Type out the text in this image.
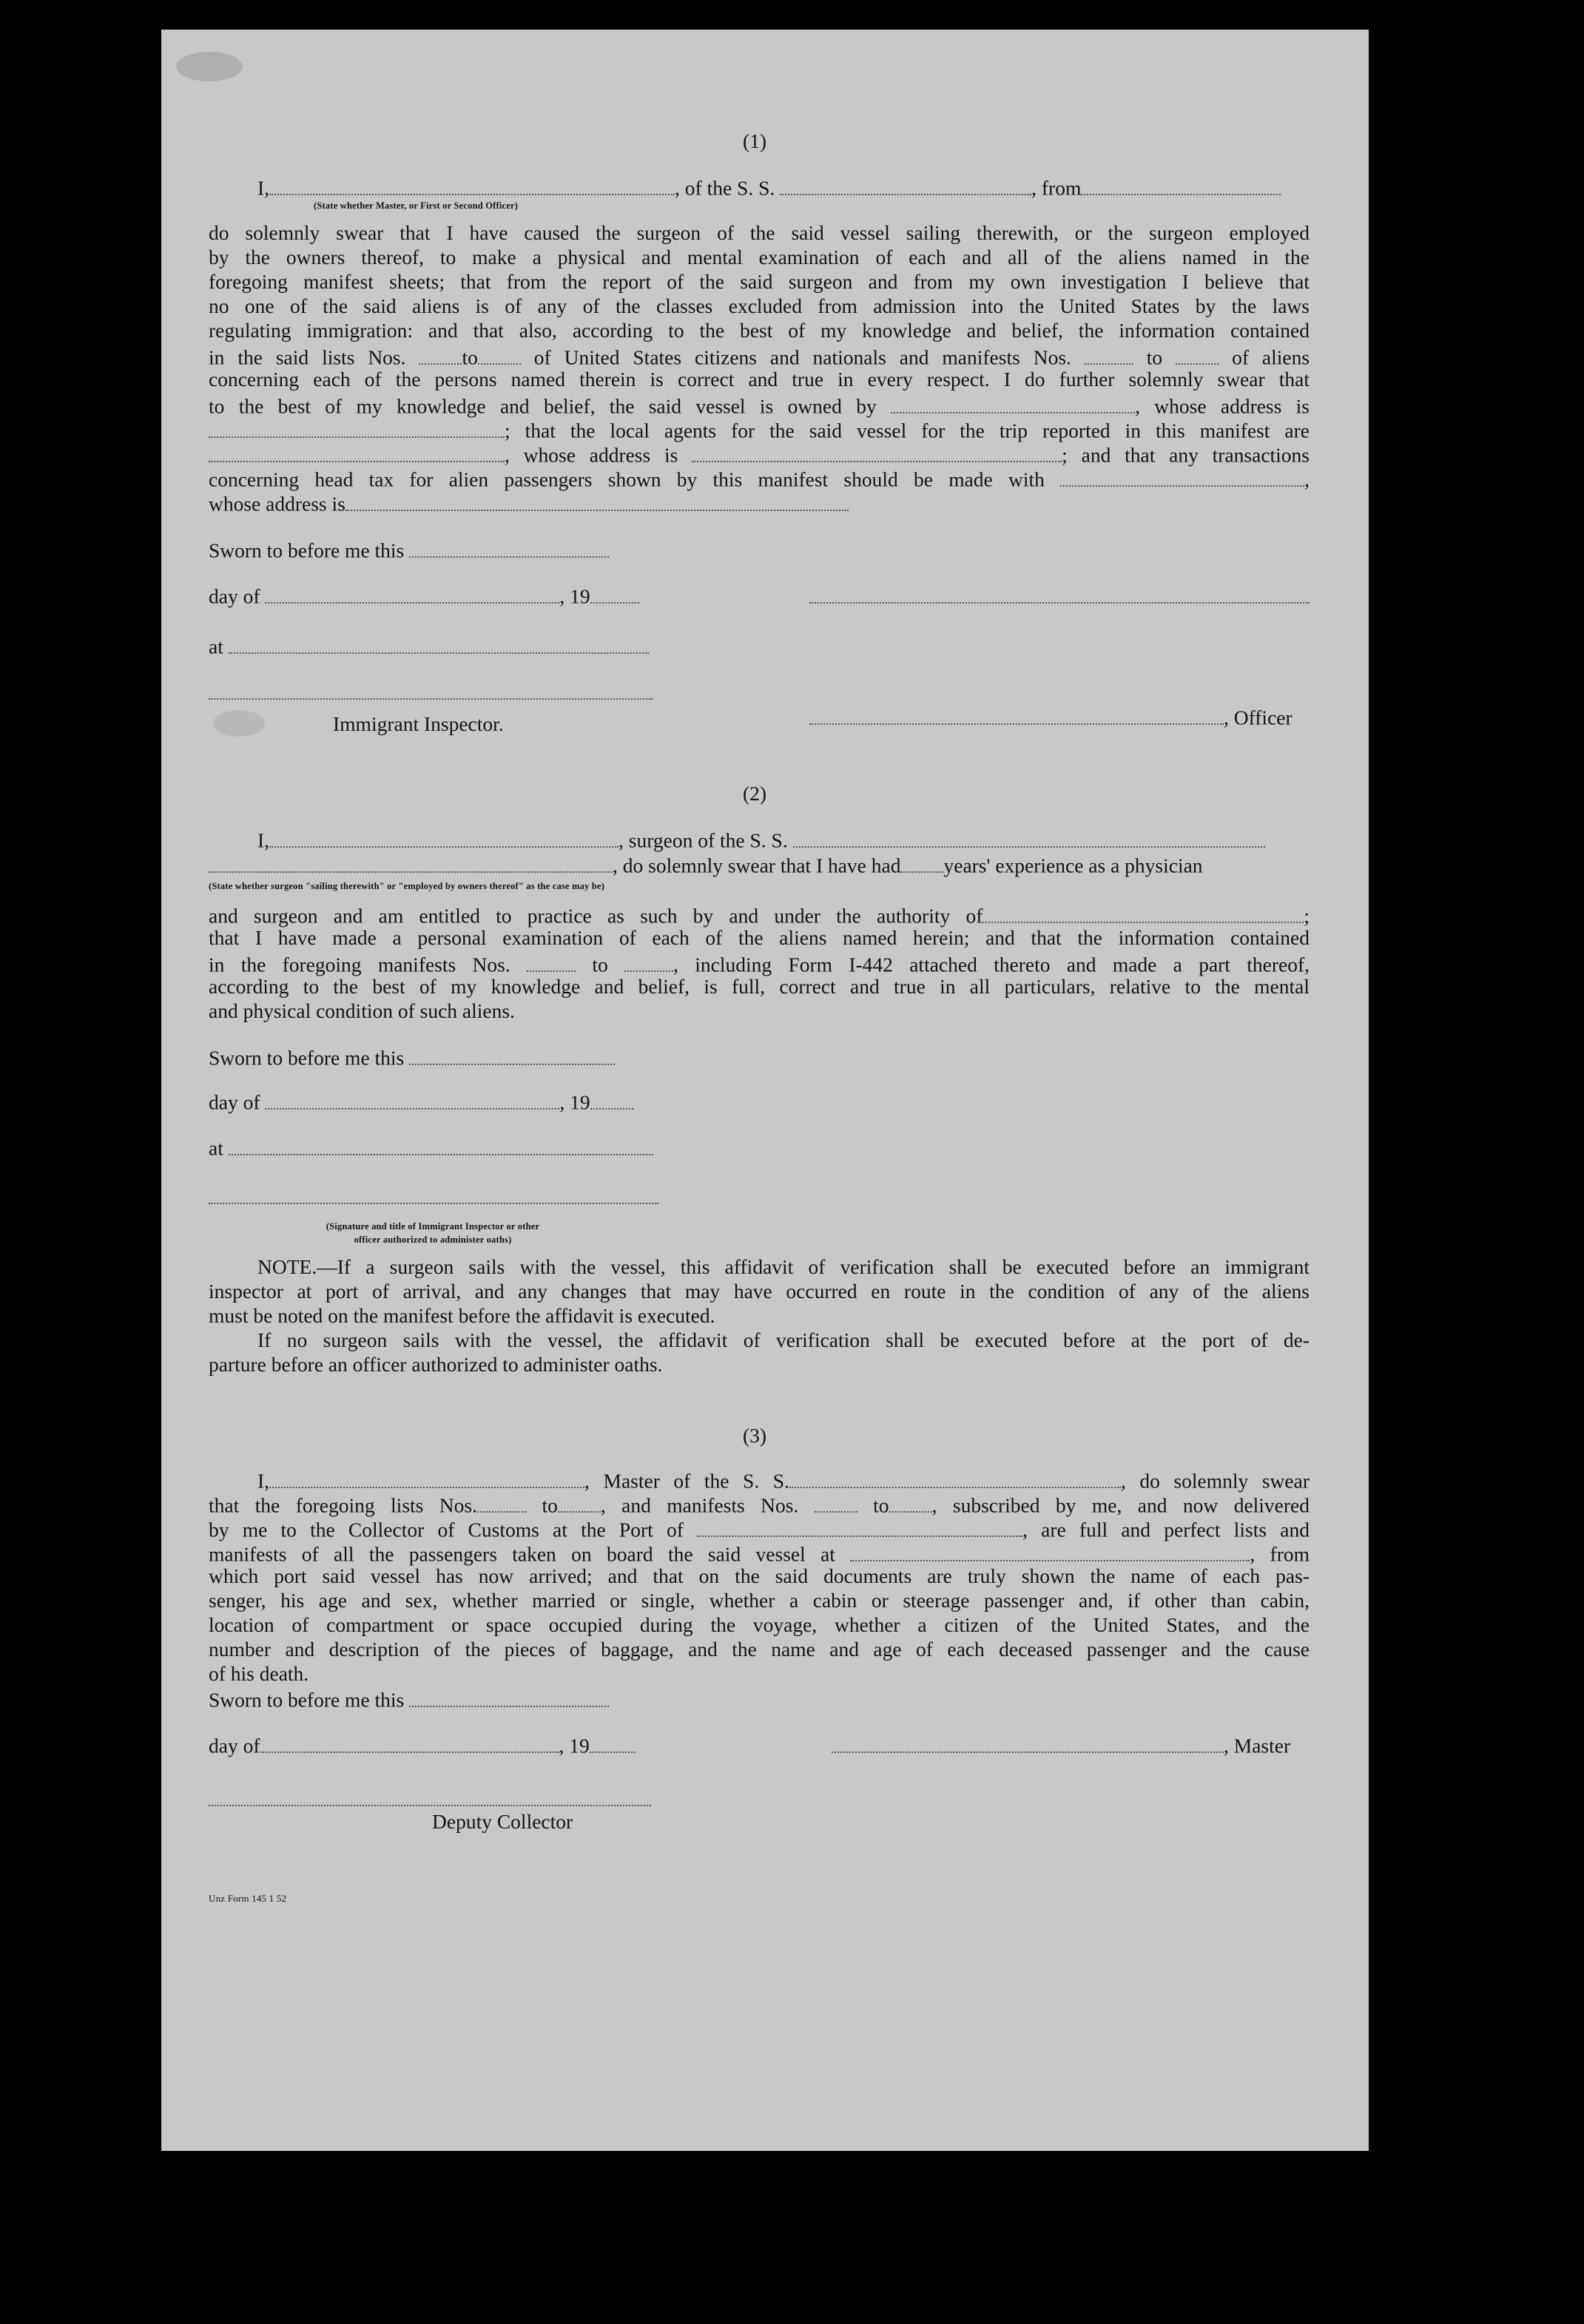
(1)
I,	, of the S. S.	, from
(State whether Master, or First or Second Officer)
do solemnly swear that I have caused the surgeon of the said vessel sailing therewith, or the surgeon employed
by the owners thereof, to make a physical and mental examination of each and all of the aliens named in the
foregoing manifest sheets; that from the report of the said surgeon and from my own investigation I believe that
no one of the said aliens is of any of the classes excluded from admission into the United States by the laws
regulating immigration: and that also, according to the best of my knowledge and belief, the information contained
in the said lists Nos.	to	of United States citizens and nationals and manifests Nos.	to	of aliens
concerning each of the persons named therein is correct and true in every respect. I do further solemnly swear that
to the best of my knowledge and belief, the said vessel is owned by	, whose address is
; that the local agents for the said vessel for the trip reported in this manifest are
, whose address is	; and that any transactions
concerning head tax for alien passengers shown by this manifest should be made with	,
whose address is
Sworn to before me this
day of	, 19
at
Immigrant Inspector.	, Officer
(2)
I,	, surgeon of the S. S.
, do solemnly swear that I have had years' experience as a physician
(State whether surgeon "sailing therewith" or "employed by owners thereof" as the case may be)
and surgeon and am entitled to practice as such by and under the authority of	;
that I have made a personal examination of each of the aliens named herein; and that the information contained
in the foregoing manifests Nos.	to	, including Form I-442 attached thereto and made a part thereof,
according to the best of my knowledge and belief, is full, correct and true in all particulars, relative to the mental
and physical condition of such aliens.
Sworn to before me this
day of	, 19
at
(Signature and title of Immigrant Inspector or other
officer authorized to administer oaths)
NOTE.—If a surgeon sails with the vessel, this affidavit of verification shall be executed before an immigrant
inspector at port of arrival, and any changes that may have occurred en route in the condition of any of the aliens
must be noted on the manifest before the affidavit is executed.
If no surgeon sails with the vessel, the affidavit of verification shall be executed before at the port of de-
parture before an officer authorized to administer oaths.
(3)
I,	, Master of the S. S.	, do solemnly swear
that the foregoing lists Nos.	to , and manifests Nos.	to , subscribed by me, and now delivered
by me to the Collector of Customs at the Port of	, are full and perfect lists and
manifests of all the passengers taken on board the said vessel at	, from
which port said vessel has now arrived; and that on the said documents are truly shown the name of each pas-
senger, his age and sex, whether married or single, whether a cabin or steerage passenger and, if other than cabin,
location of compartment or space occupied during the voyage, whether a citizen of the United States, and the
number and description of the pieces of baggage, and the name and age of each deceased passenger and the cause
of his death.
Sworn to before me this
day of	, 19	, Master
Deputy Collector
Unz Form 145 1 52
